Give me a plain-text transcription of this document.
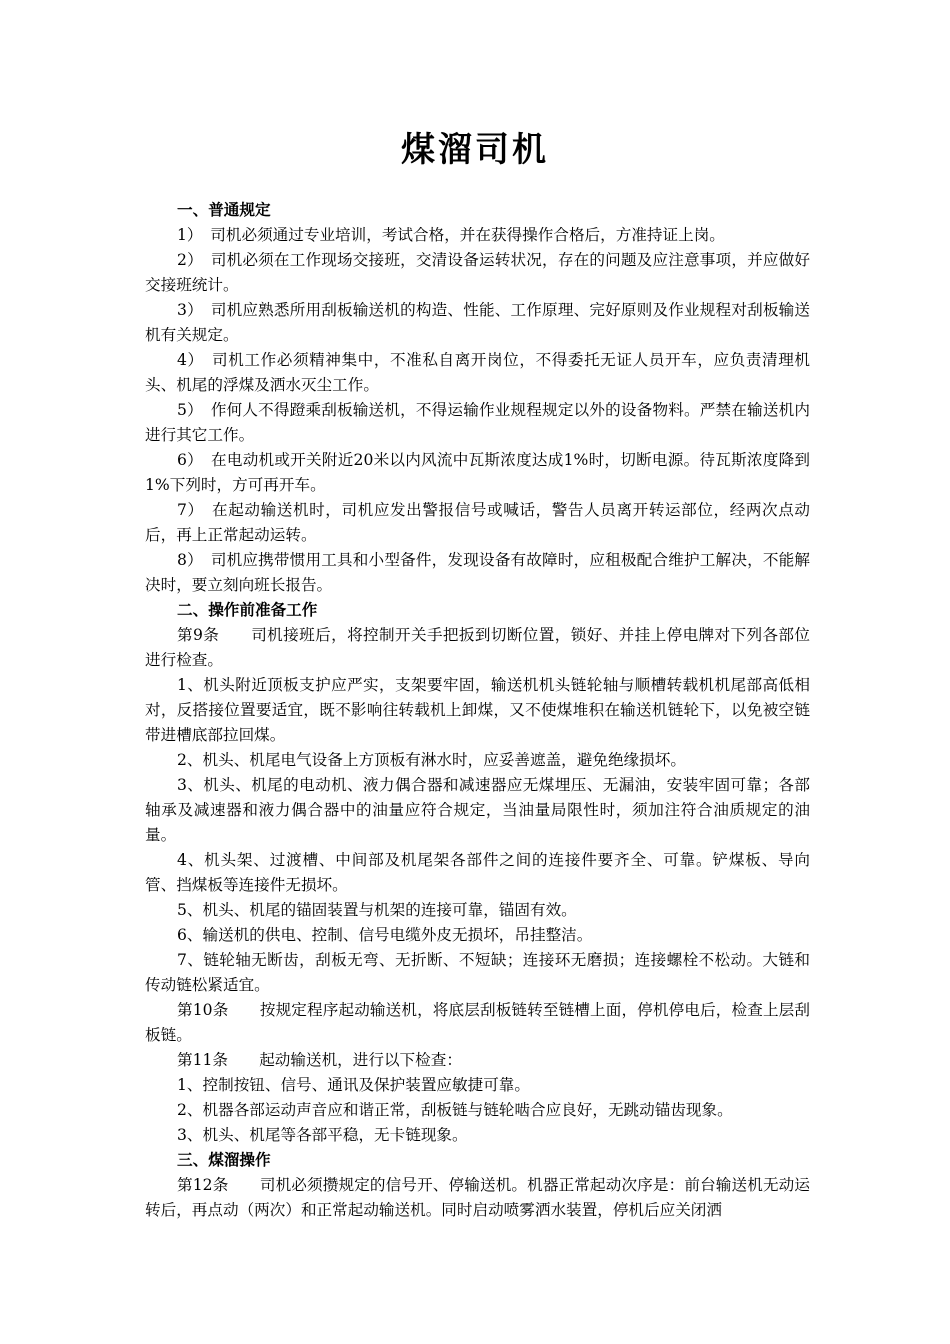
煤溜司机

一、普通规定

1）　司机必须通过专业培训，考试合格，并在获得操作合格后，方准持证上岗。

2）　司机必须在工作现场交接班，交清设备运转状况，存在的问题及应注意事项，并应做好交接班统计。

3）　司机应熟悉所用刮板输送机的构造、性能、工作原理、完好原则及作业规程对刮板输送机有关规定。

4）　司机工作必须精神集中，不准私自离开岗位，不得委托无证人员开车，应负责清理机头、机尾的浮煤及洒水灭尘工作。

5）　作何人不得蹬乘刮板输送机，不得运输作业规程规定以外的设备物料。严禁在输送机内进行其它工作。

6）　在电动机或开关附近20米以内风流中瓦斯浓度达成1%时，切断电源。待瓦斯浓度降到1%下列时，方可再开车。

7）　在起动输送机时，司机应发出警报信号或喊话，警告人员离开转运部位，经两次点动后，再上正常起动运转。

8）　司机应携带惯用工具和小型备件，发现设备有故障时，应租极配合维护工解决，不能解决时，要立刻向班长报告。

二、操作前准备工作

第9条　　司机接班后，将控制开关手把扳到切断位置，锁好、并挂上停电牌对下列各部位进行检查。

1、机头附近顶板支护应严实，支架要牢固，输送机机头链轮轴与顺槽转载机机尾部高低相对，反搭接位置要适宜，既不影响往转载机上卸煤，又不使煤堆积在输送机链轮下，以免被空链带进槽底部拉回煤。

2、机头、机尾电气设备上方顶板有淋水时，应妥善遮盖，避免绝缘损坏。

3、机头、机尾的电动机、液力偶合器和减速器应无煤埋压、无漏油，安装牢固可靠；各部轴承及减速器和液力偶合器中的油量应符合规定，当油量局限性时，须加注符合油质规定的油量。

4、机头架、过渡槽、中间部及机尾架各部件之间的连接件要齐全、可靠。铲煤板、导向管、挡煤板等连接件无损坏。

5、机头、机尾的锚固装置与机架的连接可靠，锚固有效。

6、输送机的供电、控制、信号电缆外皮无损坏，吊挂整洁。

7、链轮轴无断齿，刮板无弯、无折断、不短缺；连接环无磨损；连接螺栓不松动。大链和传动链松紧适宜。

第10条　　按规定程序起动输送机，将底层刮板链转至链槽上面，停机停电后，检查上层刮板链。

第11条　　起动输送机，进行以下检查：

1、控制按钮、信号、通讯及保护装置应敏捷可靠。

2、机器各部运动声音应和谐正常，刮板链与链轮啮合应良好，无跳动锚齿现象。

3、机头、机尾等各部平稳，无卡链现象。

三、煤溜操作

第12条　　司机必须攒规定的信号开、停输送机。机器正常起动次序是：前台输送机无动运转后，再点动（两次）和正常起动输送机。同时启动喷雾洒水装置，停机后应关闭洒
